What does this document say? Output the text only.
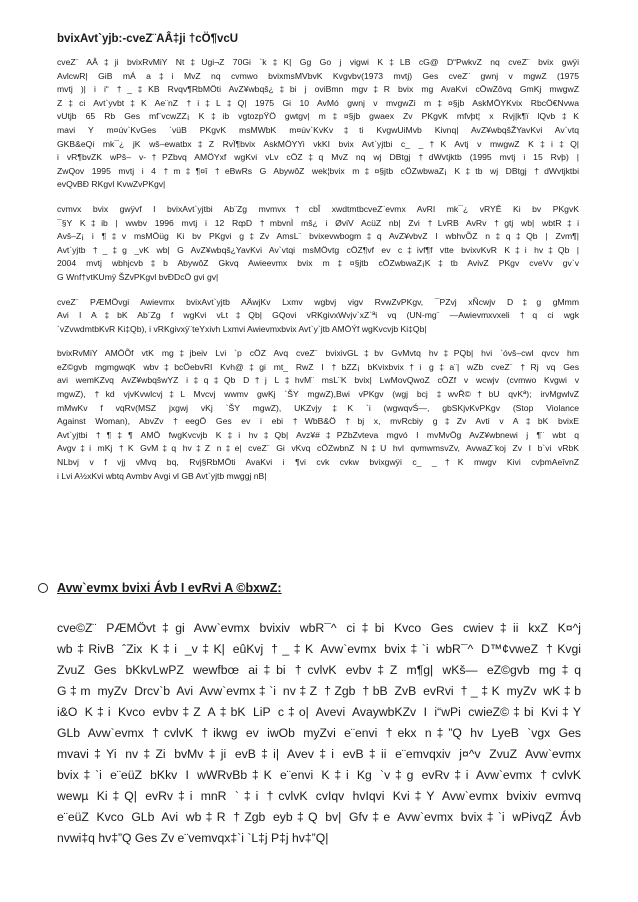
bvixAvt`yjb:-cveZ¨AÂ‡ji †cÖ¶vcU
cveZ¨ AÂ‡ji bvixRvMiY Nt‡Ugi¬Z 70Gi `k‡K| Gg Go j vigwi K‡LB cG@ D“PwkvZ nq cveZ¨ bvix gwÿi
AvlcwR| GiB mÁ a‡i MvZ nq cvmwo bvixmsMVbvK Kvgvbv(1973 mvtj) Ges cveZ¨ gwnj v mgwZ (1975
mvtj )| i i“ †_‡KB Rvqv¶RbMÖti AvZ¥wbqš¿‡bi j oviBmn mgv‡R bvix mg AvaKvi cÖwZôvq GmKj mwgwZ
Z‡ci Avt`yvbt‡K Ae¨nZ †i‡L‡Q| 1975 Gi 10 AvMó gwnj v mvgwZi m‡¤§jb AskMÖYKvix RbcÖ€Nvwa
vUtjb 65 Rb Ges mf¨vcwZZ¡ K‡ib vgtozpŸÖ gwtgv| m‡¤§jb gwaex Zv PKgvK mfvþt¦ x Rvj|k¶ï lQvb‡K
mavi Y m¤úv`KvGes `vüB PKgvK msMWbK m¤úv`KvKv‡ti KvgwUiMvb Kivnq| AvZ¥wbqšŽYavKvi Av`vtq
GKB&eQi mk¯¿ jK wš–ewatbx‡Z RvÏ¶bvix AskMÖYYi vkKI bvix Avt`yjtbi c_ _†K Avtj v mwgwZ K‡i‡Q|
i vR¶bvZK wPš– v-†PZbvq AMÖYxf wgKvi vLv cÖZ‡q MvZ nq wj DBtgj †dWvtjktb (1995 mvtj i 15 Rvþ) |
ZwQov 1995 mvtj i 4 †m‡¶¤î †eBwRs G AbywôZ wek¦bvix m‡¤§jtb cÖZwbwaZ¡ K‡tb wj DBtgj †dWvtjktbi
evQvBÐ RKgvl KvwZvPKgv|
cvmvx bvix gwÿvf I bvixAvt`yjtbi Ab¨Zg mvmvx†cbÎ xwdtmtbcveZ¨evmx AvRI mk¯¿ vRYÊ Ki bv PKgvK
¯§Y K‡ib | wwbv 1996 mvtj i 12 RȹD †mbvnÌ mš¿ i ØviV AcüZ nb| Zvi †LvRB AvRv †gtj wb| wbtR‡i
Avš–Z¡ i ¶‡v msMÖüg Ki bv PKgvi g‡Zv AmsL¨ bvixevwbogm‡q AvZ¥vbvZ I wbhvÕZ n‡q‡Qb | Zvm¶|
Avt`yjtb †_‡g _vK wb| G AvZ¥wbqš¿YavKvi Av`vtqi msMÖvtg cÖZ¶vf ev c‡ivf¶f vtte bvixvKvR K‡i hv‡Qb |
2004 mvtj wbhjcvb‡b AbywôZ Gkvq Awieevmx bvix m‡¤§jtb cÖZwbwaZ¡K‡tb AvivZ PKgv cveVv gv`v
G Wnf†vtKUmÿ ŠZvPKgvl bvÐDcÖ gvi gv|
cveZ¨ PÆMÖvgi Awievmx bvixAvt`yjtb AÄwjKv Lxmv wgbvj vigv RvwZvPKgv, ¯PZvj xÑcwjv D‡g gMmm
Avi I A‡bK Ab¨Zg f wgKvi vLt‡Qb| GQovi vRKgivxWvjv`xZ`ªi vq (UN-mg¨ —Awievmxvxeli †q ci wgk
`vZvwdmtbKvR Ki‡Qb), i vRKgivxÿ¨teYxivh Lxmvi Awievmxbvix Avt`y`jtb AMÖÝf wgKvcvjb Ki‡Qb|
bvixRvMiY AMÖÕf vtK mg‡jbeiv Lvi `p cÖZ Avq cveZ¨ bvixivGL‡bv GvMvtq hv‡PQb| hvi `óvš–cwl qvcv hm
eZ©gvb mgmgwqK wbv‡bcÖebvRI Kvh@‡gi mt_ RwZ I †bZZ¡ bKvixbvix†i g‡a¨| wZb cveZ¨ †Rj vq Ges
avi wemKZvq AvZ¥wbqšwYZ i‡q‡Qb D†j L‡hvM¨ msL¨K bvix| LwMovQwoZ cÖZf v wcwjv (cvmwo Kvgwi v
mgwZ), †kd vjvKvwlcvj‡L Mvcvj wwmv gwKj `ŠY mgwZ),Bwi vPKgv (wgj bcj ‡wvŘ©†bU qvKª); irvMgwlvZ
mMwKv f vqRv(MSZ jxgwj vKj `ŠY mgwZ), UKZvjy‡K `i (wgwqvŚ—, gbSKjvKvPKgv (Stop Violance
Against Woman), AbvZv †eegÖ Ges ev i ebi †WbB&Ö †bj x, mvRcbiy g‡Zv Avti v A‡bK bvixE
Avt`yjtbi †¶‡¶ AMÖ fwgKvcvjb K‡i hv‡Qb| Avz¥#‡PZbZvteva mgvó I mvMvÖg AvZ¥wbnewi j ¶¨ wbt q
Avgv‡i mKj †K GvM‡q hv‡Z n‡e| cveZ¨ Gi vKvq cÖZwbnZ N‡U hvl qvmwmsvZv, AvwaZ¨koj Zv I b`vi vRbK
NLbvj v f vjj vMvq bq, Rvj§RbMÖti AvaKvi i ¶vi cvk cvkw bvixgwÿi c_ _†K mwgv Kivi cvþmAeîvnZ
i Lvi A½xKvi wbtq Avmbv Avgi vl GB Avt`yjtb mwggj nB|
Avw`evmx bvixi Ávb I evRvi A ©bxwZ:
cve©Z¨ PÆMÖvt‡gi Avw`evmx bvixiv wbR¯^ ci‡bi Kvco Ges cwiev‡ii kxZ K¤^j
wb‡RivB ˆZix K‡i _v‡K| eûKvj †_‡K Avw`evmx bvix‡`i wbR¯^ D™¢vweZ †Kvgi
ZvuZ Ges bKkvLwPZ wewfbœ ai‡bi †cvlvK evbv‡Z m¶g| wKš— eZ©gvb mg‡q
G‡m myZv Drcv`b Avi Avw`evmx‡`i nv‡Z †Zgb †bB ZvB evRvi †_‡K myZv wK‡b
i&O K‡i Kvco evbv‡Z A‡bK LiP c‡o| Avevi AvaywbKZv I i“wPi cwieZ©‡bi Kvi‡Y
GLb Avw`evmx †cvlvK †ikwg ev iwOb myZvi e¨envi †ekx n‡”Q hv LyeB `vgx Ges
mvavi‡Yi nv‡Zi bvMv‡ji evB‡i| Avev‡i evB‡ii e¨emvqxiv j¤^v ZvuZ Avw`evmx
bvix‡`i e¨eüZ bKkv I wWRvBb‡K e¨envi K‡i Kg `v‡g evRv‡i Avw`evmx †cvlvK
wewµ Ki‡Q| evRv‡i mnR `‡i †cvlvK cvIqv hvIqvi Kvi‡Y Avw`evmx bvixiv evmvq
e¨eüZ Kvco GLb Avi wb‡R †Zgb eyb‡Q bv| Gfv‡e Avw`evmx bvix‡`i wPivqZ Ávb
nvwi‡q hv‡”Q Ges Zv e¨vemvqx‡`i `L‡j P‡j hv‡”Q|
